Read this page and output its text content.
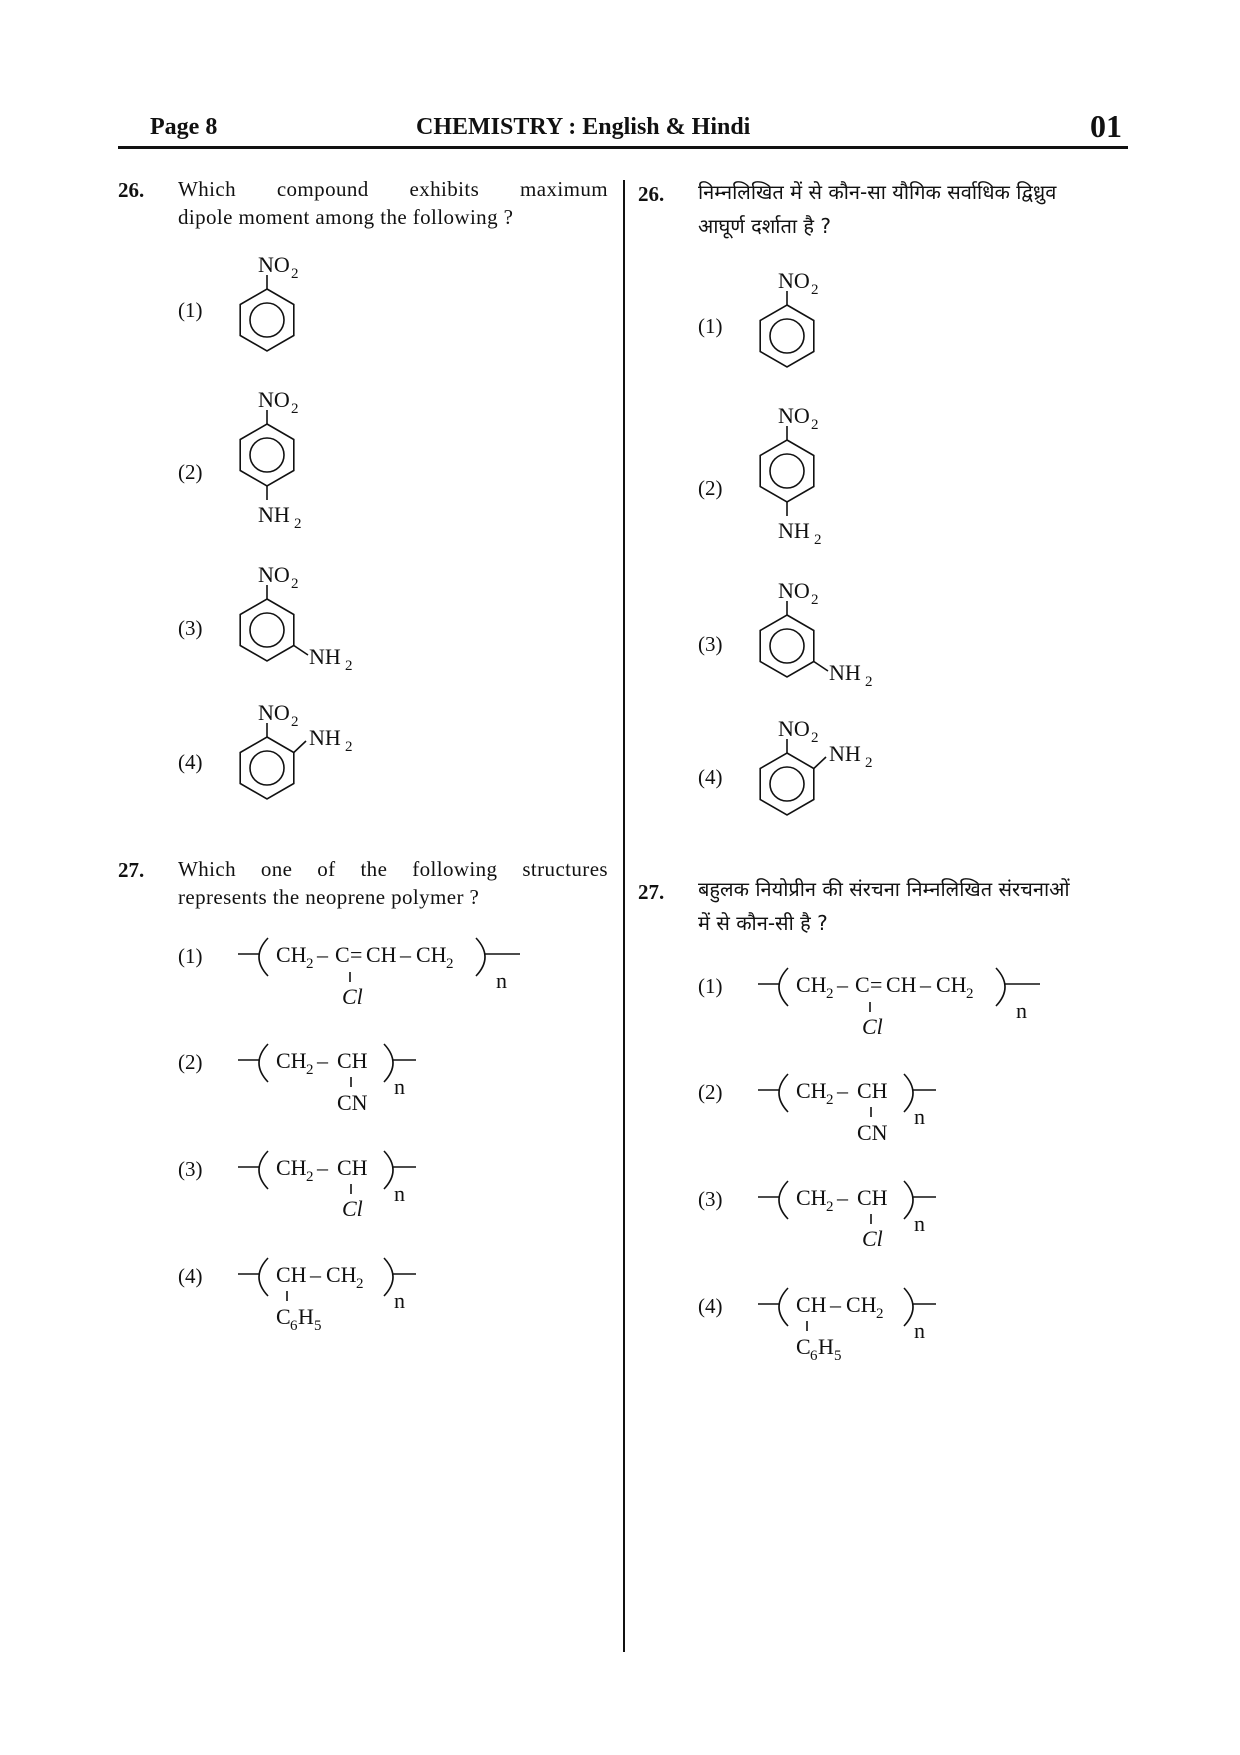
Page 8	CHEMISTRY : English & Hindi	01
26. Which compound exhibits maximum
dipole moment among the following ?
(1)
(2)
(3)
(4)
27. Which one of the following structures
represents the neoprene polymer ?
(1)
(2)
(3)
(4)
26. निम्नलिखित में से कौन-सा यौगिक सर्वाधिक द्विध्रुव
आघूर्ण दर्शाता है ?
(1)
(2)
(3)
(4)
27. बहुलक नियोप्रीन की संरचना निम्नलिखित संरचनाओं
में से कौन-सी है ?
(1)
(2)
(3)
(4)
NO 2
NO 2
NH 2
NO 2
NH 2
NO 2
NH 2
CH 2 – C = CH – CH 2
n
Cl
CH 2 – CH
n
CN
CH 2 – CH
n
Cl
CH – CH 2
n
C 6 H 5
NO 2
NO 2
NH 2
NO 2
NH 2
NO 2
NH 2
CH 2 – C = CH – CH 2
n
Cl
CH 2 – CH
n
CN
CH 2 – CH
n
Cl
CH – CH 2
n
C 6 H 5
